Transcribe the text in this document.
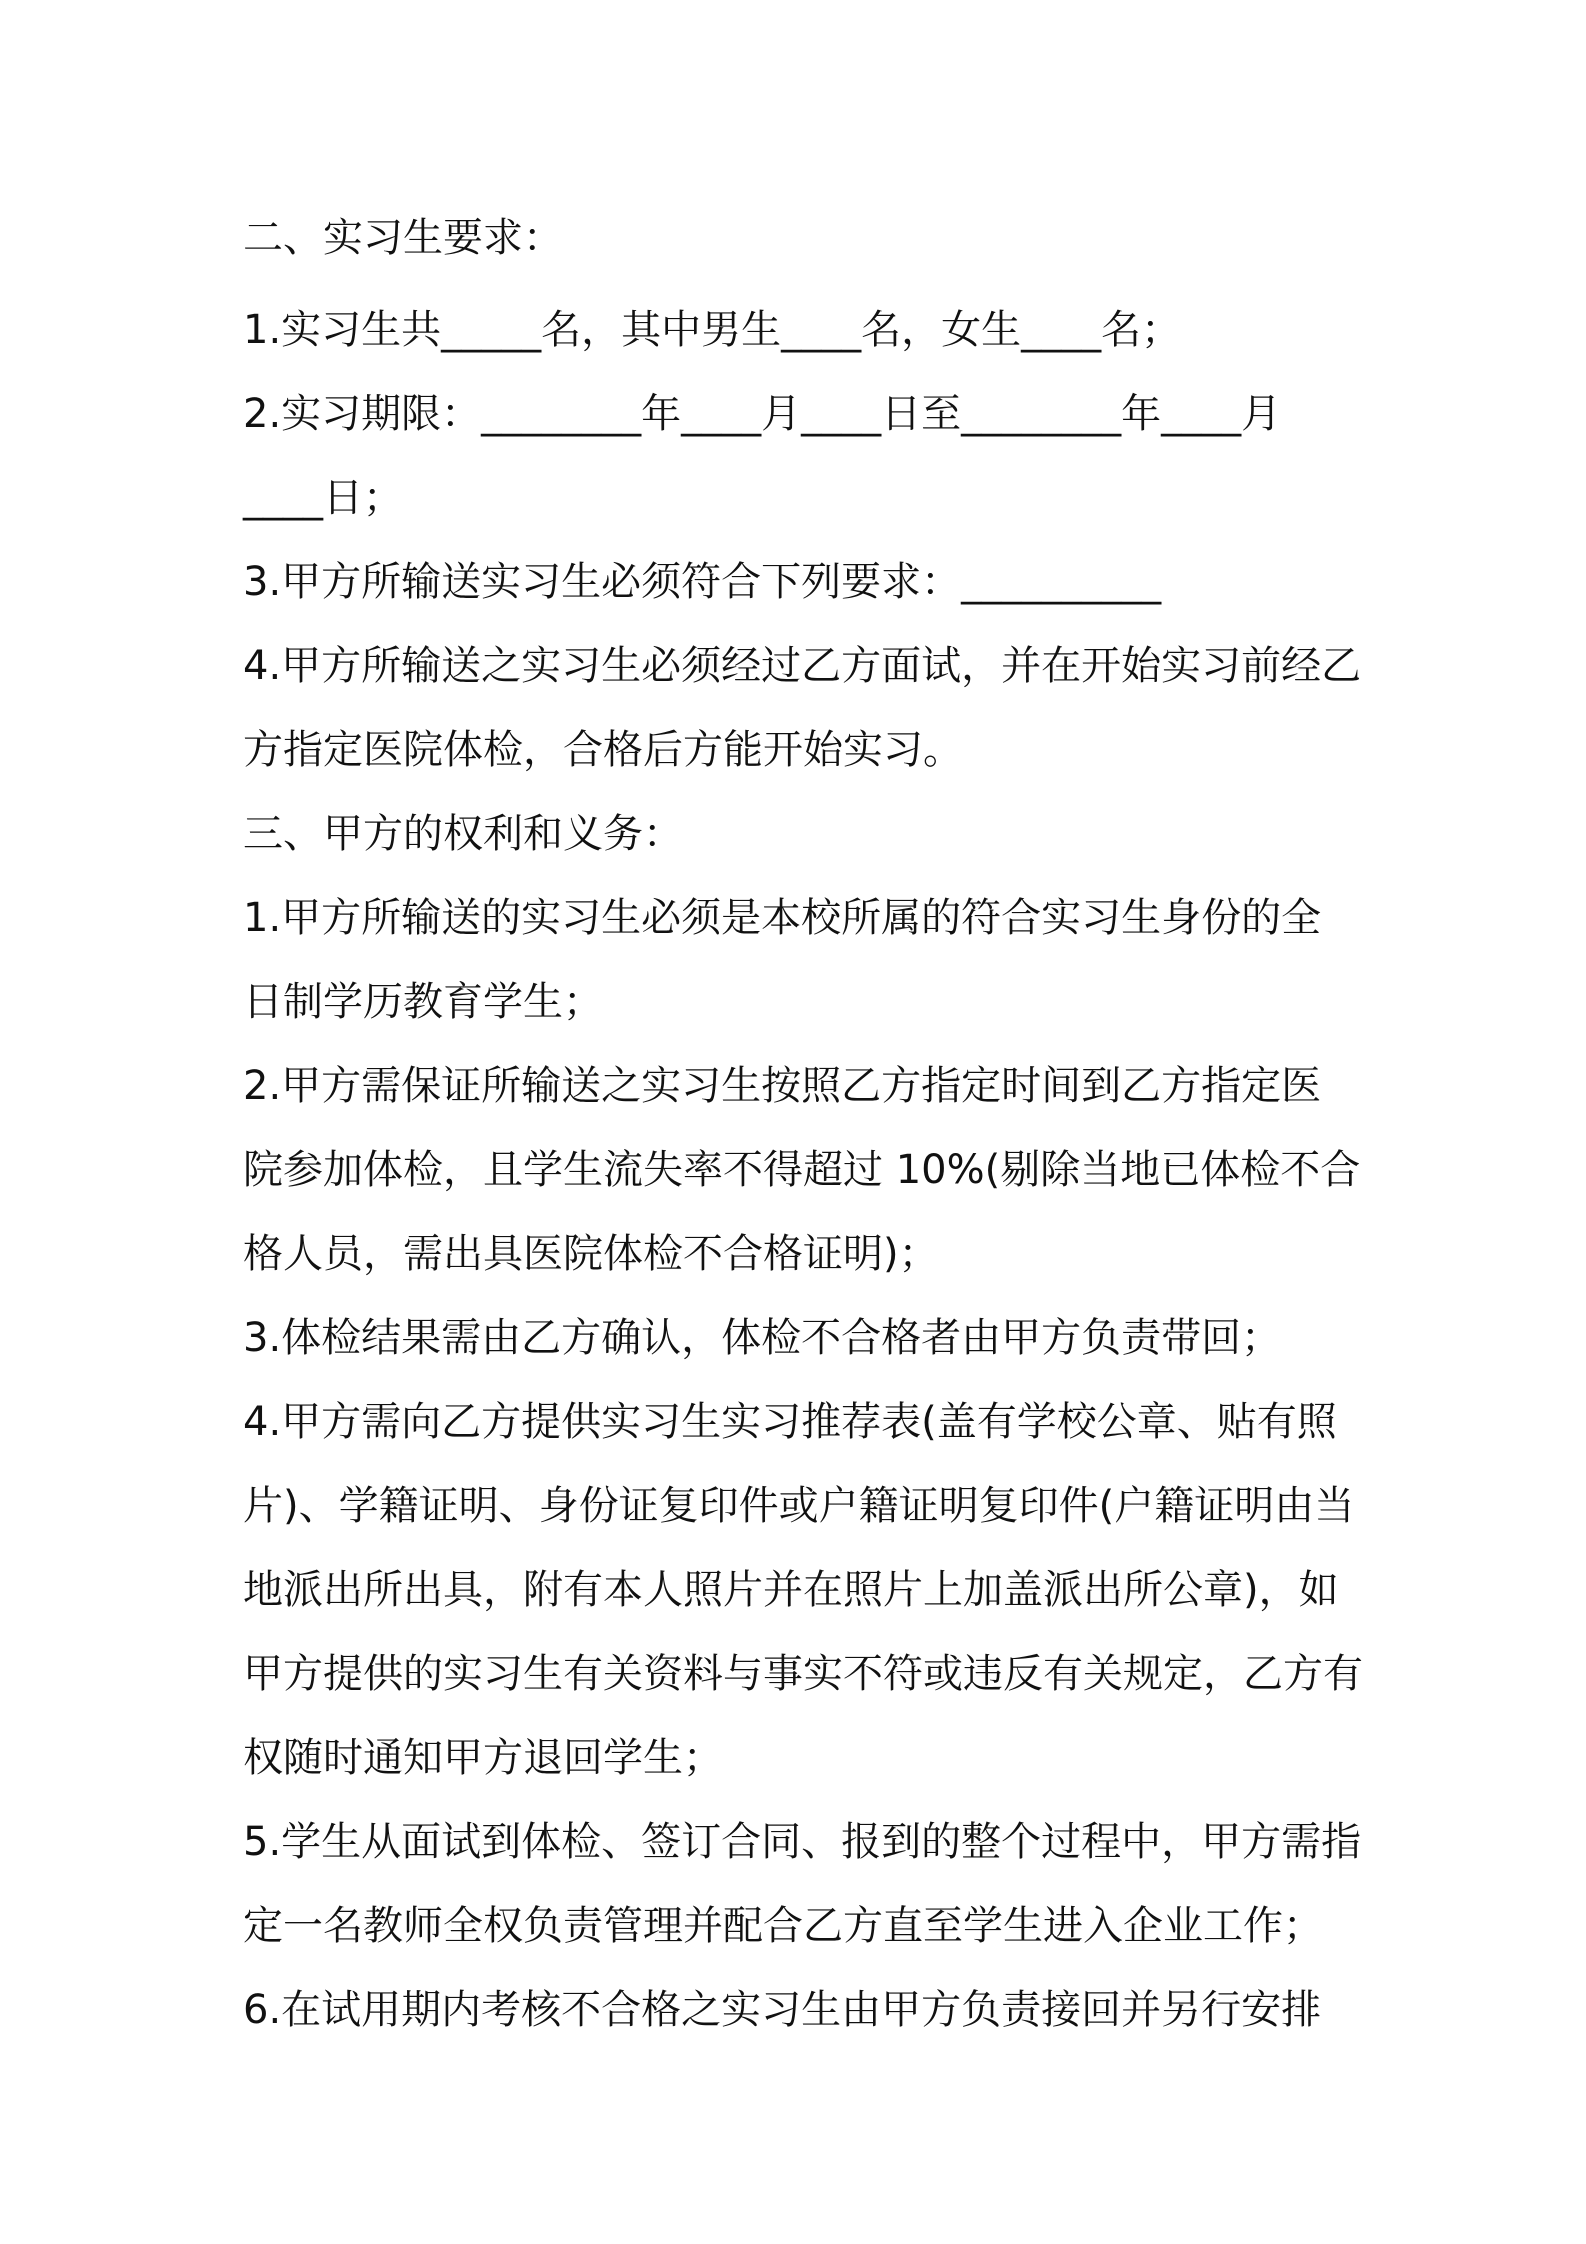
二、实习生要求：
1.实习生共_____名，其中男生____名，女生____名；
2.实习期限：________年____月____日至________年____月
____日；
3.甲方所输送实习生必须符合下列要求：__________
4.甲方所输送之实习生必须经过乙方面试，并在开始实习前经乙
方指定医院体检，合格后方能开始实习。
三、甲方的权利和义务：
1.甲方所输送的实习生必须是本校所属的符合实习生身份的全
日制学历教育学生；
2.甲方需保证所输送之实习生按照乙方指定时间到乙方指定医
院参加体检，且学生流失率不得超过 10%(剔除当地已体检不合
格人员，需出具医院体检不合格证明)；
3.体检结果需由乙方确认，体检不合格者由甲方负责带回；
4.甲方需向乙方提供实习生实习推荐表(盖有学校公章、贴有照
片)、学籍证明、身份证复印件或户籍证明复印件(户籍证明由当
地派出所出具，附有本人照片并在照片上加盖派出所公章)，如
甲方提供的实习生有关资料与事实不符或违反有关规定，乙方有
权随时通知甲方退回学生；
5.学生从面试到体检、签订合同、报到的整个过程中，甲方需指
定一名教师全权负责管理并配合乙方直至学生进入企业工作；
6.在试用期内考核不合格之实习生由甲方负责接回并另行安排
